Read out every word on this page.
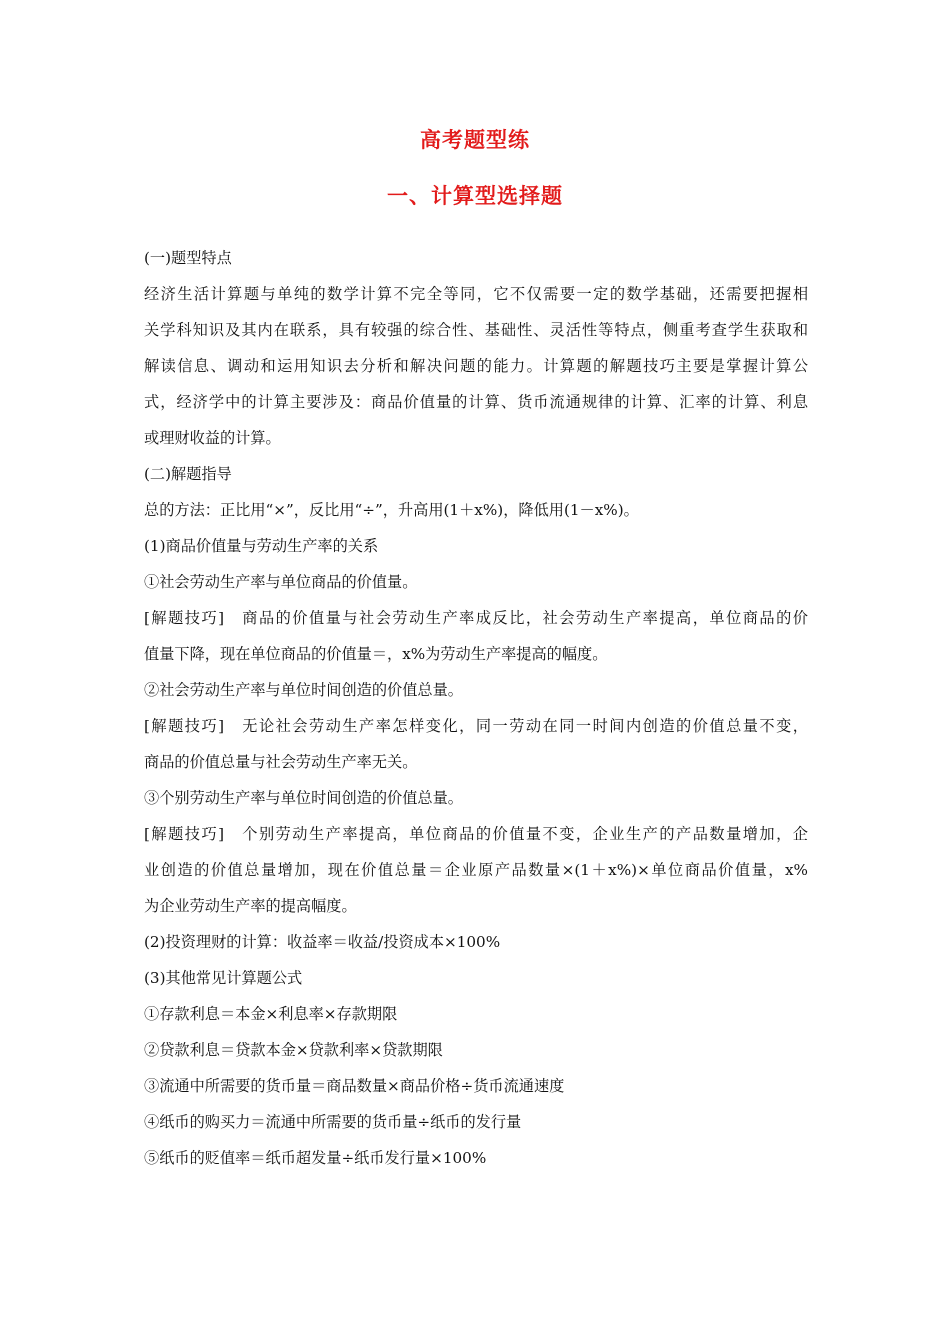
高考题型练
一、计算型选择题
(一)题型特点
经济生活计算题与单纯的数学计算不完全等同，它不仅需要一定的数学基础，还需要把握相
关学科知识及其内在联系，具有较强的综合性、基础性、灵活性等特点，侧重考查学生获取和
解读信息、调动和运用知识去分析和解决问题的能力。计算题的解题技巧主要是掌握计算公
式，经济学中的计算主要涉及：商品价值量的计算、货币流通规律的计算、汇率的计算、利息
或理财收益的计算。
(二)解题指导
总的方法：正比用“×”，反比用“÷”，升高用(1＋x%)，降低用(1－x%)。
(1)商品价值量与劳动生产率的关系
①社会劳动生产率与单位商品的价值量。
[解题技巧]　商品的价值量与社会劳动生产率成反比，社会劳动生产率提高，单位商品的价
值量下降，现在单位商品的价值量＝，x%为劳动生产率提高的幅度。
②社会劳动生产率与单位时间创造的价值总量。
[解题技巧]　无论社会劳动生产率怎样变化，同一劳动在同一时间内创造的价值总量不变，
商品的价值总量与社会劳动生产率无关。
③个别劳动生产率与单位时间创造的价值总量。
[解题技巧]　个别劳动生产率提高，单位商品的价值量不变，企业生产的产品数量增加，企
业创造的价值总量增加，现在价值总量＝企业原产品数量×(1＋x%)×单位商品价值量，x%
为企业劳动生产率的提高幅度。
(2)投资理财的计算：收益率＝收益/投资成本×100%
(3)其他常见计算题公式
①存款利息＝本金×利息率×存款期限
②贷款利息＝贷款本金×贷款利率×贷款期限
③流通中所需要的货币量＝商品数量×商品价格÷货币流通速度
④纸币的购买力＝流通中所需要的货币量÷纸币的发行量
⑤纸币的贬值率＝纸币超发量÷纸币发行量×100%
